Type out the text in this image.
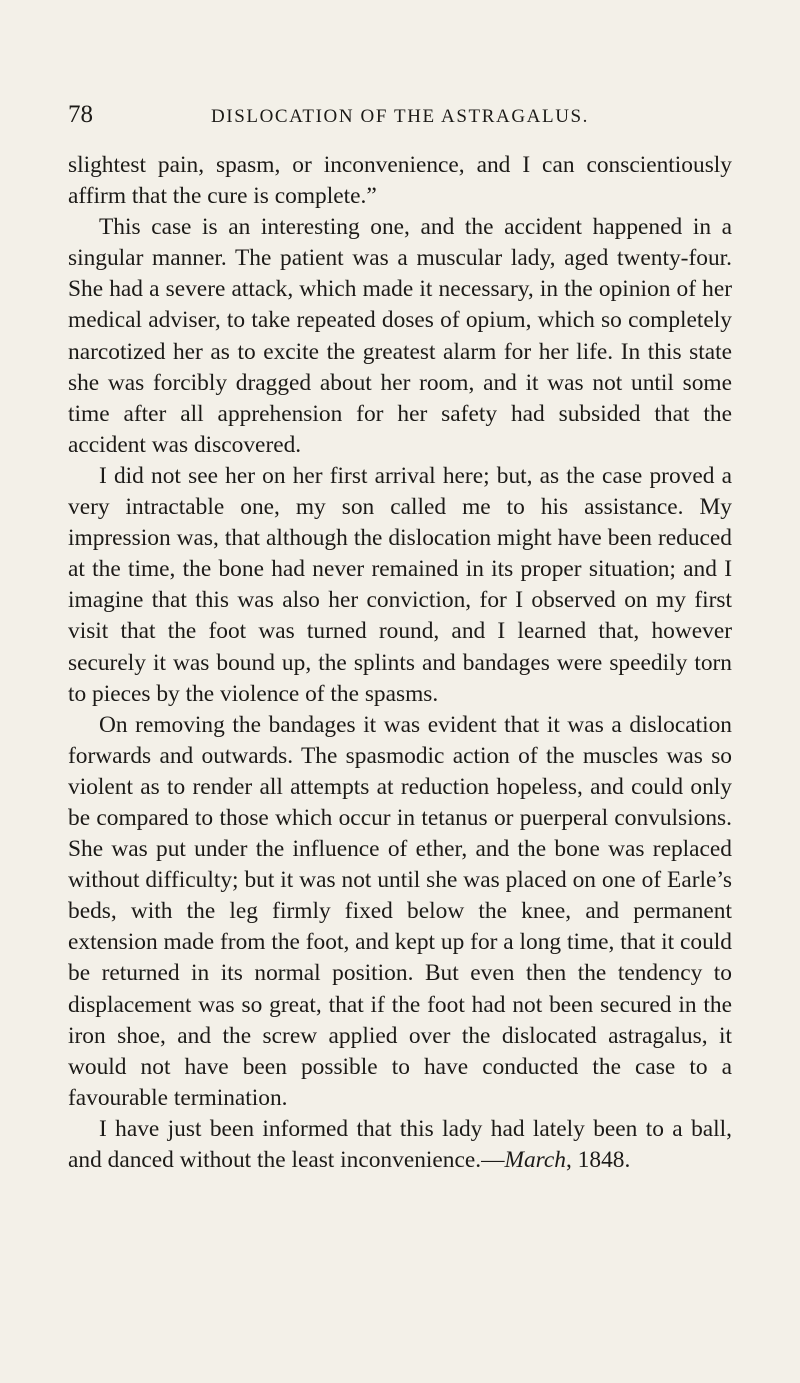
78	DISLOCATION OF THE ASTRAGALUS.

slightest pain, spasm, or inconvenience, and I can conscientiously affirm that the cure is complete.”

This case is an interesting one, and the accident happened in a singular manner. The patient was a muscular lady, aged twenty-four. She had a severe attack, which made it necessary, in the opinion of her medical adviser, to take repeated doses of opium, which so completely narcotized her as to excite the greatest alarm for her life. In this state she was forcibly dragged about her room, and it was not until some time after all apprehension for her safety had subsided that the accident was discovered.

I did not see her on her first arrival here; but, as the case proved a very intractable one, my son called me to his assistance. My impression was, that although the dislocation might have been reduced at the time, the bone had never remained in its proper situation; and I imagine that this was also her conviction, for I observed on my first visit that the foot was turned round, and I learned that, however securely it was bound up, the splints and bandages were speedily torn to pieces by the violence of the spasms.

On removing the bandages it was evident that it was a dislocation forwards and outwards. The spasmodic action of the muscles was so violent as to render all attempts at reduction hopeless, and could only be compared to those which occur in tetanus or puerperal convulsions. She was put under the influence of ether, and the bone was replaced without difficulty; but it was not until she was placed on one of Earle’s beds, with the leg firmly fixed below the knee, and permanent extension made from the foot, and kept up for a long time, that it could be returned in its normal position. But even then the tendency to displacement was so great, that if the foot had not been secured in the iron shoe, and the screw applied over the dislocated astragalus, it would not have been possible to have conducted the case to a favourable termination.

I have just been informed that this lady had lately been to a ball, and danced without the least inconvenience.—March, 1848.
